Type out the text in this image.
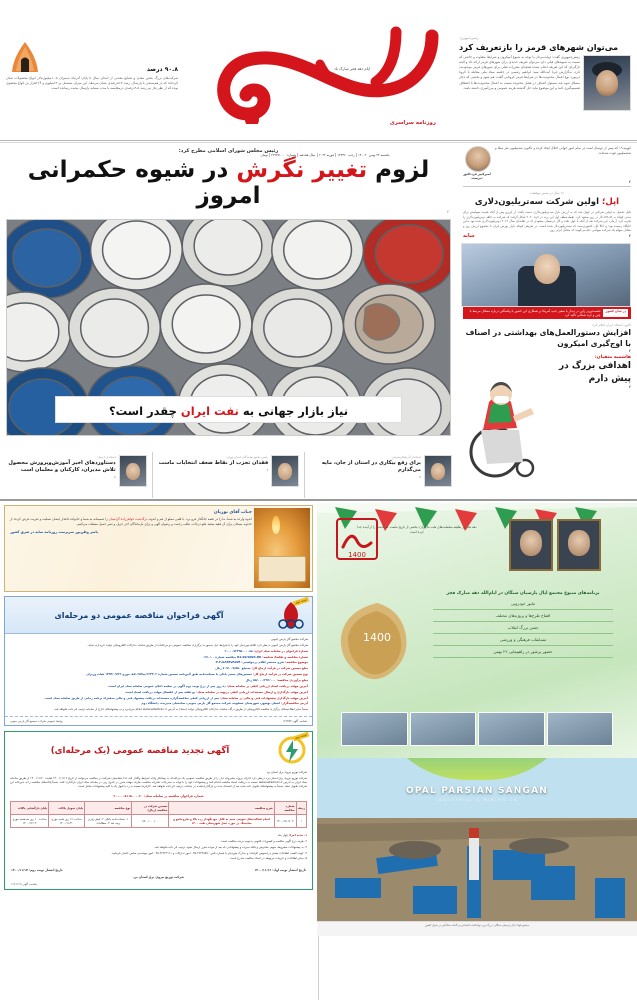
رئیس‌جمهوری:
می‌توان شهرهای قرمز را بازتعریف کرد
رئیس‌جمهوری گفت: دولت‌مردان با توجه به شیوع آمیکرون و شرایط متفاوت و خاصی که نسبت به شیوه‌های قبلی دارد می‌توان تعریف جدیدی برای شهرهای قرمز ارائه داد و البته تازگی‌ای که این تعریف انجام نشده همچنان مقررات قبلی برای شهرهای قرمز موجودیت دارد. به‌گزارش ایرنا آیت‌الله سید ابراهیم رئیسی در جلسه ستاد ملی مقابله با کرونا درمورد نوع اعمال محدودیت‌ها در شرایط قرمز کرونایی گفت: هم شهر و بخشی که دچار مشکل شود باید مسئول اصناف در فصل محدوده نسبت به اعمال محدودیت‌ها با انعطاف تصمیم‌گیری کنند و این موضوع نباید حل گذشته هزینه عمومی و مرزآمیزی داشته باشد.
ایام دهه فجر مبارک باد
روزنامه سراسری
یکشنبه ۲۴ بهمن ۱۴۰۰۲ رجب ۱۴۴۳۶ فوریه ۲۰۲۲سال هجدهمشماره ۲۴۲۳۵۰۰۰ تومان
۹۰.۸ درصد
شرکت‌های بزرگ بخش معدن و صنایع معدنی از ابتدای سال تا پایان آذرماه به‌میزان ۱۰.۸میلیون‌دلار انواع محصولات صادر کرده‌اند که در هم‌سنجی با پارسال، رشد ۸.۳درصدی نشان می‌دهد. این میزان مشتمل بر ۶۲میلیون و ۲۱۴هزار تن انواع محصول بوده که از نظر تناژ نیز رشد ۹.۵درصدی درمقایسه با مدت مشابه پارسال به‌ثبت رسانده است.
کووید-۱۹ که بیش از دوسال است در تمام امور جهانی اخلال ایجاد کرده و تاکنون صدمیلیون نفر مبتلا و ششمیلیون فوت شده‌اند.
امیرکبیر فردخلیق دیرست
۲
۲۱ سال در مسیر موفقیت
اپل؛ اولین شرکت سه‌تریلیون‌دلاری
دلیل تحمیل به اولین شرکتی در جهان شد که به ارزش بازار سه‌تریلیون‌دلاری دست یافت. از این‌رو پس از آنکه قیمت سهامش برای مدتی کوتاه به ۱۸۲.۸۶دلار در روز صعود کرد. نقطه‌عطف اول این برند در کره ۲۰۲۰ شکل گرفت که شرکت به حلقه دوتریلیون‌دلاری را تجربه کرد. آرمان، این شرکت بعد از آنکه با غول نفت و گاز عربستان سعودی که در تقاضای سال ۲۰۱۹ دوتریلیون‌دلاری شده بود به‌این جایگاه رسیده بود؛ و حالا اپل، کشوری‌ست که سه‌تریلیون‌دلار شده است. در تعریفی کوتاه، بازار بورس ایران با مجموع ارزش روز و معادل سهام یک شرکت سهامی عام می‌گویند که معادل ایران روز.
۲
سایه
در میان کشور
نخست‌وزیر ژاپن در دیدار با سفیر جدید آمریکا بر همکاری این کشور با واشنگتن درباره مسائل مرتبط با چین و کره شمالی تأکید کرد
کانون اصناف ایران اعلام کرد؛
افزایش دستورالعمل‌های بهداشتی در اصناف با اوج‌گیری امیکرون
۲
هاشمیه متقیان:
اهدافی بزرگ در پیش دارم
۳
رئیس مجلس شورای اسلامی مطرح کرد:
لزوم تغییر نگرش در شیوه حکمرانی امروز
۲
نیاز بازار جهانی به نفت ایران چقدر است؟
استاندار آذربایجان‌شرقی:
برای رفع بیکاری در استان از جان، مایه می‌گذارم
۷
رئیس مجمع نمایندگان استان تهران:
فقدان تحزب از نقاط ضعف انتخابات ماست
۶
استاندار اردبیل:
دستاوردهای اخیر آموزش‌وپرورش محصول تلاش مدیران، کارکنان و معلمان است
۸
دهه فجر در طلیعه سلطنت‌های ملت ما ایران؛ بخشی از تاریخ ماست که گذشته را از آینده جدا کرده است
1400
برنامه‌های متنوع مجتمع اپال پارسیان سنگان در ایام‌الله دهه مبارک فجر
مانور خودرویی
افتتاح طرح‌ها و پروژه‌های مختلف
جشن بزرگ انقلاب
مسابقات فرهنگی و ورزشی
حضور پرشور در راهپیمایی ۲۲ بهمن
1400
OPAL PARSIAN SANGAN
INDUSTRIAL & MINING CO

مجتمع فولاد اپال پارسیان سنگان، بزرگ‌ترین تولیدکننده کنسانتره و گندله سنگ‌آهن در شرق کشور

جناب آقای نوربان
اندوه وارده به شما، ما را در غصه جانگداز فرو برد. با قلبی مملو از غم و اندوه، درگذشت خواهرزاده گرامیتان را صمیمانه به شما و خانواده داغدار ایشان تسلیت و تعزیت عرض کرده؛ از خداوند سبحان برای آن فقید سعید علو درجات، طلب رحمت و رضوان الهی و برای بازماندگان اجر جزیل و صبر جمیل مسئلت می‌کنیم.
یاسر وطن‌پور سرپرست روزنامه سایه در شرق کشور
نوبت اول
آگهی فراخوان مناقصه عمومی دو مرحله‌ای

شرکت مجتمع گاز پارس جنوبی

شرکت مجتمع گاز پارس جنوبی درنظر دارد اقلام موردنیاز خود را با شرایط ذیل به‌صورت برگزاری مناقصه عمومی دو مرحله‌ای از طریق سامانه تدارکات الکترونیکی دولت خریداری نماید.

شماره فراخوان در سامانه ستاد ایران: ۲۰۰۰۰۹۲۳۹۵۰۰۰۰۸۸

شماره مناقصه و تقاضا/ شناسه: R2-99/0094-RK مناقصه شماره ۰۲۷۰/۰۰

موضوع مناقصه: شرح مختصر اقلام درخواستی: P-F-GATEVALVE

مبلغ تضمین شرکت در فرآیند ارجاع کار: به‌مبلغ ۷۰۹/۰۰۹/۵۵۰ ریال

نوع تضمین شرکت در فرآیند ارجاع کار: تضمین‌های معتبر بانکی یا ضمانت‌نامه طبق آئین‌نامه تضمین شماره ۱۲۳۴۰۲/ت۵۰۶۵۹هـ مورخ ۱۳۹۴/۰۹/۲۲ هیات وزیران

مبلغ برآوردی مناقصه: ۵۵/۰۰۰/۲۹۲/۰۰۰ ریال

آخرین مهلت دریافت اسناد ارزیابی کیفی در سامانه ستاد: ده روز پس از درج نوبت دوم آگهی در صفحه اعلان عمومی سامانه ستاد ایران است.

آخرین مهلت بارگذاری و ارسال مستندات ارزیابی کیفی درپهنه در سامانه ستاد: دو هفته پس از انقضای مهلت دریافت اسناد است.

آخرین مهلت بارگذاری پیشنهادات فنی و مالی در سامانه ستاد: پس از ارزیابی کیفی مناقصه‌گران، مستندات دریافت پیشنهاد فنی و مالی به‌همراه برنامه زمانی از طریق سامانه ستاد است.

آدرس مناقصه‌گزار: استان بوشهر، شهرستان عسلویه، شرکت مجتمع گاز پارس جنوبی، ساختمان مدیریت، دانشگاه دوم

ضمناً سایر اطلاعیه‌های برگزاری مناقصه الکترونیکی از طریق درگاه سامانه تدارکات الکترونیکی دولت (ستاد) به آدرس www.setadiran.ir انجام می‌پذیرد و به پیشنهادهای خارج از سامانه ترتیب اثر داده نخواهد شد.

شناسه آگهی ۱۲۶۳۵۳
روابط عمومی شرکت مجتمع گاز پارس جنوبی
نوبت دوم
آگهی تجدید مناقصه عمومی (یک مرحله‌ای)

شرکت توزیع نیروی برق استان یزد

شرکت توزیع نیروی برق استان یزد درنظر دارد اجرای پروژه مشروحه ذیل را از طریق مناقصه عمومی یک مرحله‌ای به پیمانکار واجد شرایط واگذار کند. لذا متقاضیان شرکت در مناقصه می‌توانند از تاریخ ۱۴۰۰/۱۱/۱۶ لغایت ۱۴۰۰/۱۱/۲۰ از طریق سامانه ستاد ایران به آدرس www.setadiran.ir نسبت به دریافت اسناد مناقصه اقدام کنند و پیشنهادات خود را با توجه به مندرجات دفترچه مناقصه، ظرف مهلت مقرر در جدول زیر، در سامانه ستاد ایران بارگذاری کنند. ضمناً پاکت‌های مناقصه را به دبیرخانه این شرکت تحویل دهند. ضمناً به پیشنهادهای تحویل داده شده بعد از انقضای مدت و بارگذاری‌نشده در سامانه، ترتیب اثر داده نخواهد شد. کارفرما نسبت به رد یا قبول یک یا کلیه پیشنهادات مختار است.

شماره فراخوان مناقصه در سامانه ستاد: ۲۰۰۰۰۰۵۱۱۸۰۰۰۰۲۰
ردیف	شماره مناقصه	شرح مناقصه	تضمین شرکت در مناقصه (ریال)	نوع مناقصه	پایان تحویل پاکات	پایان بارگشایی پاکات
۱	۱۴۰۰/۱۵۰/۶۰۳	انجام فعالیت‌های تعویض سیم به کابل خودنگهدار رده بالا و طرح‌جامع و سایتینگ در حوزه عمل شهرستان نفت ۱۴۰۰	۱/۹۰۰/۰۰۰/۰۰۰	۱- ضمانت‌نامه بانکی ۲- فیش واریز وجه نقد ۳- مطالبات	ساعت ۱۶ روز شنبه مورخ ۱۴۰۰/۱۱/۳۰	ساعت ۱۰ روز سه‌شنبه مورخ ۱۴۰۰/۱۲/۰۳

۱- مدت اجرا: چهار ماه

۲- هزینه درج آگهی مناقصه و کسورات قانونی به‌عهده برنده مناقصه است.

۳- به پیشنهادات مشروط، مبهم، مخدوش و فاقد سپرده و پیشنهاداتی که بعد از موعد مقرر ارسال شود، ترتیب اثر داده نخواهد شد.

۴- جهت کسب اطلاعات بیشتر درخصوص الزامات و مدارک موردنیاز با شماره تلفن ۳۶۲۴۸۵۹۰-۰۳۵ امور تدارکات و ۳۶۲۴۳۱۱۱-۰۳۵ امور مهندسی تماس حاصل فرمایید.

۵- سایر اطلاعات و جزییات مربوطه در اسناد مناقصه مندرج است.

تاریخ انتشار نوبت اول: ۱۴۰۰/۱۱/۱۶
تاریخ انتشار نوبت دوم: ۱۴۰۰/۱۱/۱۷
شرکت توزیع نیروی برق استان یزد
شناسه آگهی ۱۲۷۱۲۱۹
